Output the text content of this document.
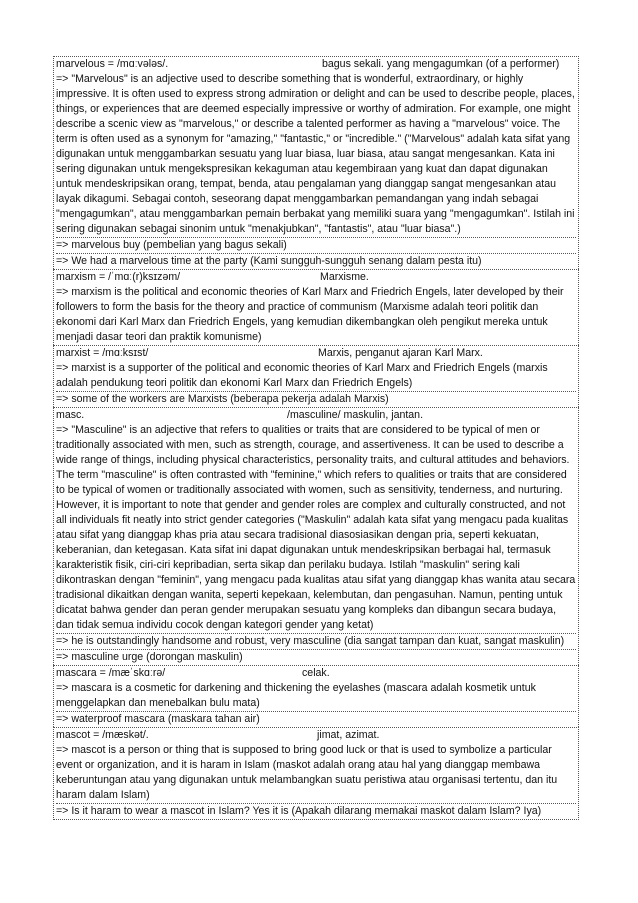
marvelous = /mɑːvələs/.	bagus sekali. yang mengagumkan (of a performer)
=> "Marvelous" is an adjective used to describe something that is wonderful, extraordinary, or highly impressive. It is often used to express strong admiration or delight and can be used to describe people, places, things, or experiences that are deemed especially impressive or worthy of admiration. For example, one might describe a scenic view as "marvelous," or describe a talented performer as having a "marvelous" voice. The term is often used as a synonym for "amazing," "fantastic," or "incredible." ("Marvelous" adalah kata sifat yang digunakan untuk menggambarkan sesuatu yang luar biasa, luar biasa, atau sangat mengesankan. Kata ini sering digunakan untuk mengekspresikan kekaguman atau kegembiraan yang kuat dan dapat digunakan untuk mendeskripsikan orang, tempat, benda, atau pengalaman yang dianggap sangat mengesankan atau layak dikagumi. Sebagai contoh, seseorang dapat menggambarkan pemandangan yang indah sebagai "mengagumkan", atau menggambarkan pemain berbakat yang memiliki suara yang "mengagumkan". Istilah ini sering digunakan sebagai sinonim untuk "menakjubkan", "fantastis", atau "luar biasa".)
=> marvelous buy (pembelian yang bagus sekali)
=> We had a marvelous time at the party (Kami sungguh-sungguh senang dalam pesta itu)
marxism = /ˈmɑː(r)ksɪzəm/	Marxisme.
=> marxism is the political and economic theories of Karl Marx and Friedrich Engels, later developed by their followers to form the basis for the theory and practice of communism (Marxisme adalah teori politik dan ekonomi dari Karl Marx dan Friedrich Engels, yang kemudian dikembangkan oleh pengikut mereka untuk menjadi dasar teori dan praktik komunisme)
marxist = /mɑːksɪst/	Marxis, penganut ajaran Karl Marx.
=> marxist is a supporter of the political and economic theories of Karl Marx and Friedrich Engels (marxis adalah pendukung teori politik dan ekonomi Karl Marx dan Friedrich Engels)
=> some of the workers are Marxists (beberapa pekerja adalah Marxis)
masc.	/masculine/ maskulin, jantan.
=> "Masculine" is an adjective that refers to qualities or traits that are considered to be typical of men or traditionally associated with men, such as strength, courage, and assertiveness. It can be used to describe a wide range of things, including physical characteristics, personality traits, and cultural attitudes and behaviors. The term "masculine" is often contrasted with "feminine," which refers to qualities or traits that are considered to be typical of women or traditionally associated with women, such as sensitivity, tenderness, and nurturing. However, it is important to note that gender and gender roles are complex and culturally constructed, and not all individuals fit neatly into strict gender categories ("Maskulin" adalah kata sifat yang mengacu pada kualitas atau sifat yang dianggap khas pria atau secara tradisional diasosiasikan dengan pria, seperti kekuatan, keberanian, dan ketegasan. Kata sifat ini dapat digunakan untuk mendeskripsikan berbagai hal, termasuk karakteristik fisik, ciri-ciri kepribadian, serta sikap dan perilaku budaya. Istilah "maskulin" sering kali dikontraskan dengan "feminin", yang mengacu pada kualitas atau sifat yang dianggap khas wanita atau secara tradisional dikaitkan dengan wanita, seperti kepekaan, kelembutan, dan pengasuhan. Namun, penting untuk dicatat bahwa gender dan peran gender merupakan sesuatu yang kompleks dan dibangun secara budaya, dan tidak semua individu cocok dengan kategori gender yang ketat)
=> he is outstandingly handsome and robust, very masculine (dia sangat tampan dan kuat, sangat maskulin)
=> masculine urge (dorongan maskulin)
mascara = /mæˈskɑːrə/	celak.
=> mascara is a cosmetic for darkening and thickening the eyelashes (mascara adalah kosmetik untuk menggelapkan dan menebalkan bulu mata)
=> waterproof mascara (maskara tahan air)
mascot = /mæskət/.	jimat, azimat.
=> mascot is a person or thing that is supposed to bring good luck or that is used to symbolize a particular event or organization, and it is haram in Islam (maskot adalah orang atau hal yang dianggap membawa keberuntungan atau yang digunakan untuk melambangkan suatu peristiwa atau organisasi tertentu, dan itu haram dalam Islam)
=> Is it haram to wear a mascot in Islam? Yes it is (Apakah dilarang memakai maskot dalam Islam? Iya)
